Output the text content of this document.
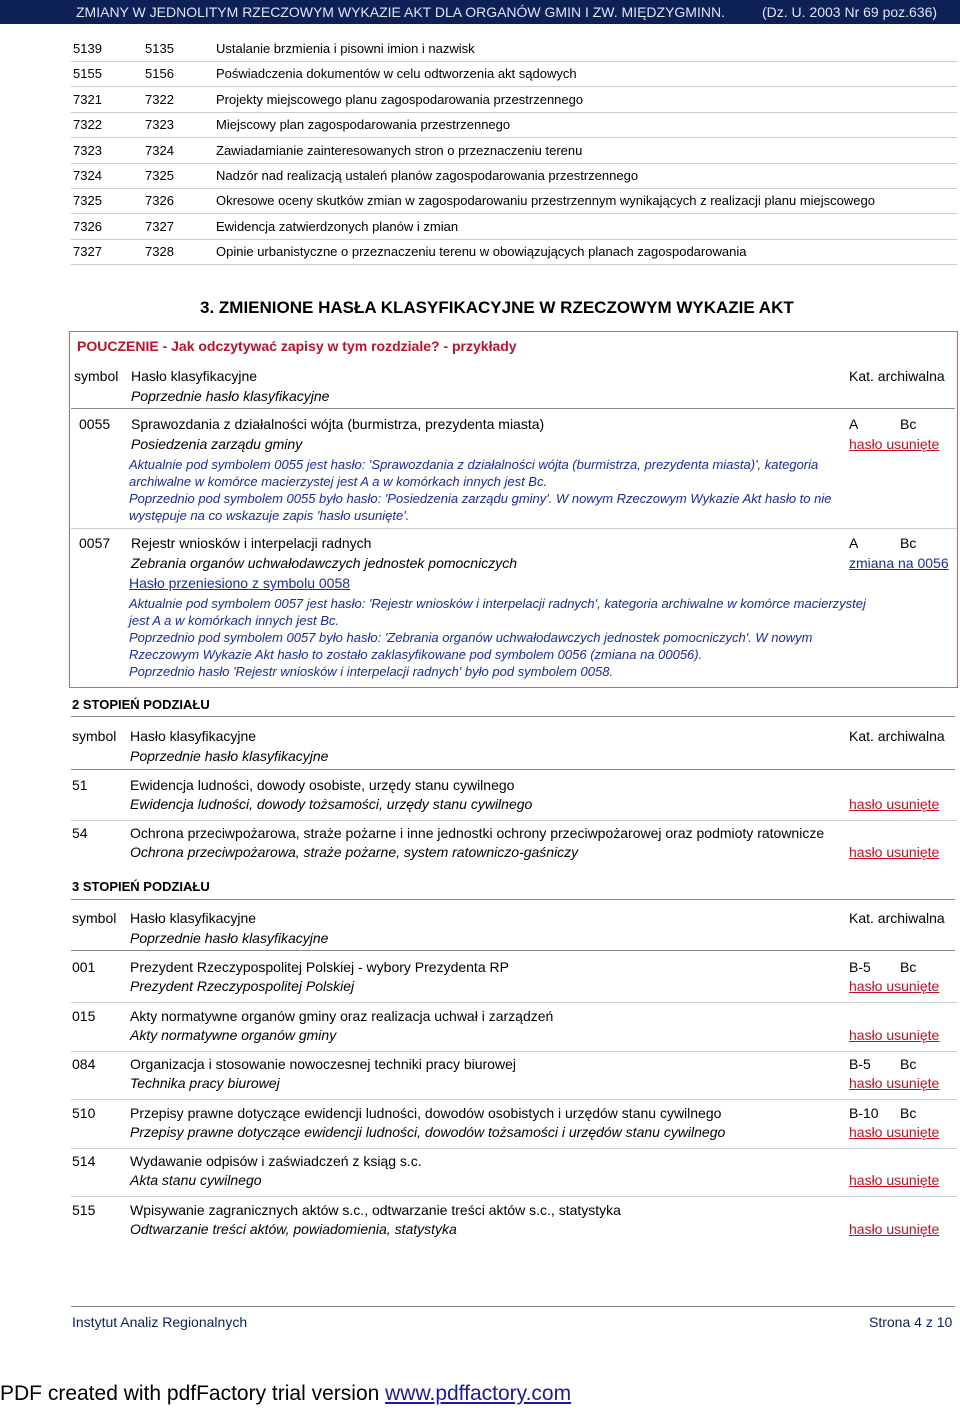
ZMIANY W JEDNOLITYM RZECZOWYM WYKAZIE AKT DLA ORGANÓW GMIN I ZW. MIĘDZYGMINN.	(Dz. U. 2003 Nr 69 poz.636)
5139	5135	Ustalanie brzmienia i pisowni imion i nazwisk
5155	5156	Poświadczenia dokumentów w celu odtworzenia akt sądowych
7321	7322	Projekty miejscowego planu zagospodarowania przestrzennego
7322	7323	Miejscowy plan zagospodarowania przestrzennego
7323	7324	Zawiadamianie zainteresowanych stron o przeznaczeniu terenu
7324	7325	Nadzór nad realizacją ustaleń planów zagospodarowania przestrzennego
7325	7326	Okresowe oceny skutków zmian w zagospodarowaniu przestrzennym wynikających z realizacji planu miejscowego
7326	7327	Ewidencja zatwierdzonych planów i zmian
7327	7328	Opinie urbanistyczne o przeznaczeniu terenu w obowiązujących planach zagospodarowania
3. ZMIENIONE HASŁA KLASYFIKACYJNE W RZECZOWYM WYKAZIE AKT
POUCZENIE - Jak odczytywać zapisy w tym rozdziale? - przykłady
symbol Hasło klasyfikacyjne
Poprzednie hasło klasyfikacyjne
Kat. archiwalna
0055 Sprawozdania z działalności wójta (burmistrza, prezydenta miasta)	A	Bc
Posiedzenia zarządu gminy	hasło usunięte
Aktualnie pod symbolem 0055 jest hasło: 'Sprawozdania z działalności wójta (burmistrza, prezydenta miasta)', kategoria
archiwalne w komórce macierzystej jest A a w komórkach innych jest Bc.
Poprzednio pod symbolem 0055 było hasło: 'Posiedzenia zarządu gminy'. W nowym Rzeczowym Wykazie Akt hasło to nie
występuje na co wskazuje zapis 'hasło usunięte'.
0057 Rejestr wniosków i interpelacji radnych	A	Bc
Zebrania organów uchwałodawczych jednostek pomocniczych	zmiana na 0056
Hasło przeniesiono z symbolu 0058
Aktualnie pod symbolem 0057 jest hasło: 'Rejestr wniosków i interpelacji radnych', kategoria archiwalne w komórce macierzystej
jest A a w komórkach innych jest Bc.
Poprzednio pod symbolem 0057 było hasło: 'Zebrania organów uchwałodawczych jednostek pomocniczych'. W nowym
Rzeczowym Wykazie Akt hasło to zostało zaklasyfikowane pod symbolem 0056 (zmiana na 00056).
Poprzednio hasło 'Rejestr wniosków i interpelacji radnych' było pod symbolem 0058.
2 STOPIEŃ PODZIAŁU
symbol Hasło klasyfikacyjne
Poprzednie hasło klasyfikacyjne
Kat. archiwalna
51	Ewidencja ludności, dowody osobiste, urzędy stanu cywilnego
Ewidencja ludności, dowody tożsamości, urzędy stanu cywilnego	hasło usunięte
54	Ochrona przeciwpożarowa, straże pożarne i inne jednostki ochrony przeciwpożarowej oraz podmioty ratownicze
Ochrona przeciwpożarowa, straże pożarne, system ratowniczo-gaśniczy	hasło usunięte
3 STOPIEŃ PODZIAŁU
symbol Hasło klasyfikacyjne
Poprzednie hasło klasyfikacyjne
Kat. archiwalna
001 Prezydent Rzeczypospolitej Polskiej - wybory Prezydenta RP	B-5 Bc
Prezydent Rzeczypospolitej Polskiej	hasło usunięte
015 Akty normatywne organów gminy oraz realizacja uchwał i zarządzeń
Akty normatywne organów gminy	hasło usunięte
084 Organizacja i stosowanie nowoczesnej techniki pracy biurowej	B-5 Bc
Technika pracy biurowej	hasło usunięte
510 Przepisy prawne dotyczące ewidencji ludności, dowodów osobistych i urzędów stanu cywilnego	B-10 Bc
Przepisy prawne dotyczące ewidencji ludności, dowodów tożsamości i urzędów stanu cywilnego	hasło usunięte
514 Wydawanie odpisów i zaświadczeń z ksiąg s.c.
Akta stanu cywilnego	hasło usunięte
515 Wpisywanie zagranicznych aktów s.c., odtwarzanie treści aktów s.c., statystyka
Odtwarzanie treści aktów, powiadomienia, statystyka	hasło usunięte
Instytut Analiz Regionalnych	Strona 4 z 10
PDF created with pdfFactory trial version www.pdffactory.com
